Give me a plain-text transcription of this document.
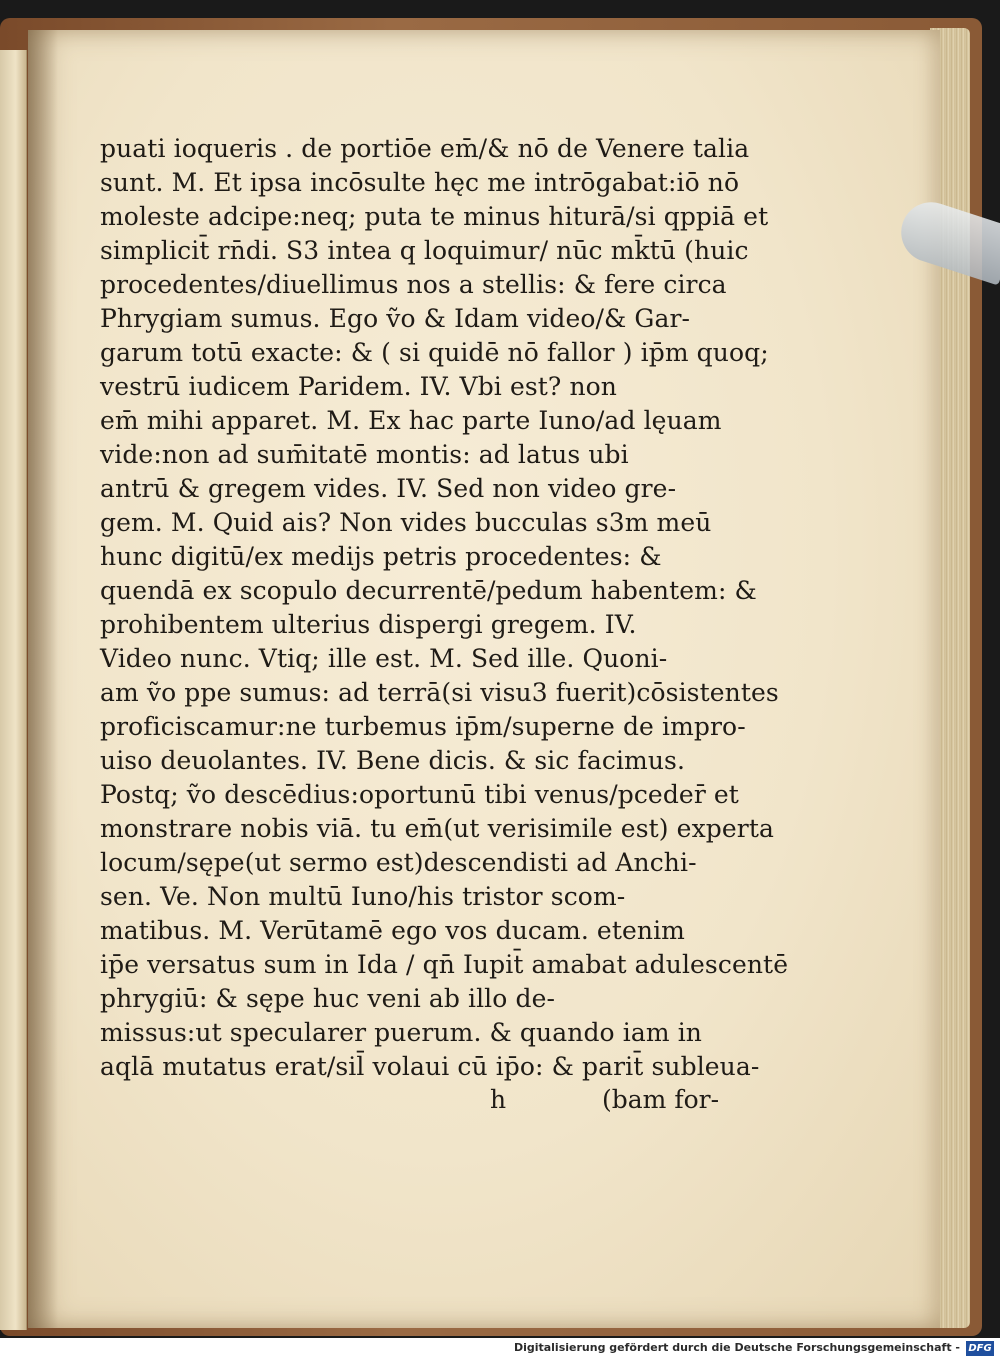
puati ioqueris . de portiōe em̄/& nō de Venere talia
sunt. M. Et ipsa incōsulte hęc me intrōgabat:iō nō
moleste adcipe:neq; puta te minus hiturā/si qppiā et
simplicit̄ rn̄di. S3 intea q loquimur/ nūc mk̄tū (huic
procedentes/diuellimus nos a stellis: & fere circa
Phrygiam sumus. Ego ṽo & Idam video/& Gar-
garum totū exacte: & ( si quidē nō fallor ) ip̄m quoq;
vestrū iudicem Paridem. IV. Vbi est? non
em̄ mihi apparet. M. Ex hac parte Iuno/ad lęuam
vide:non ad sum̄itatē montis: ad latus ubi
antrū & gregem vides. IV. Sed non video gre-
gem. M. Quid ais? Non vides bucculas s3m meū
hunc digitū/ex medijs petris procedentes: &
quendā ex scopulo decurrentē/pedum habentem: &
prohibentem ulterius dispergi gregem. IV.
Video nunc. Vtiq; ille est. M. Sed ille. Quoni-
am ṽo ppe sumus: ad terrā(si visu3 fuerit)cōsistentes
proficiscamur:ne turbemus ip̄m/superne de impro-
uiso deuolantes. IV. Bene dicis. & sic facimus.
Postq; ṽo descēdius:oportunū tibi venus/pceder̄ et
monstrare nobis viā. tu em̄(ut verisimile est) experta
locum/sępe(ut sermo est)descendisti ad Anchi-
sen. Ve. Non multū Iuno/his tristor scom-
matibus. M. Verūtamē ego vos ducam. etenim
ip̄e versatus sum in Ida / qn̄ Iupit̄ amabat adulescentē
phrygiū: & sępe huc veni ab illo de-
missus:ut specularer puerum. & quando iam in
aqlā mutatus erat/sil̄ volaui cū ip̄o: & parit̄ subleua-
h	(bam for-
Digitalisierung gefördert durch die Deutsche Forschungsgemeinschaft - DFG
